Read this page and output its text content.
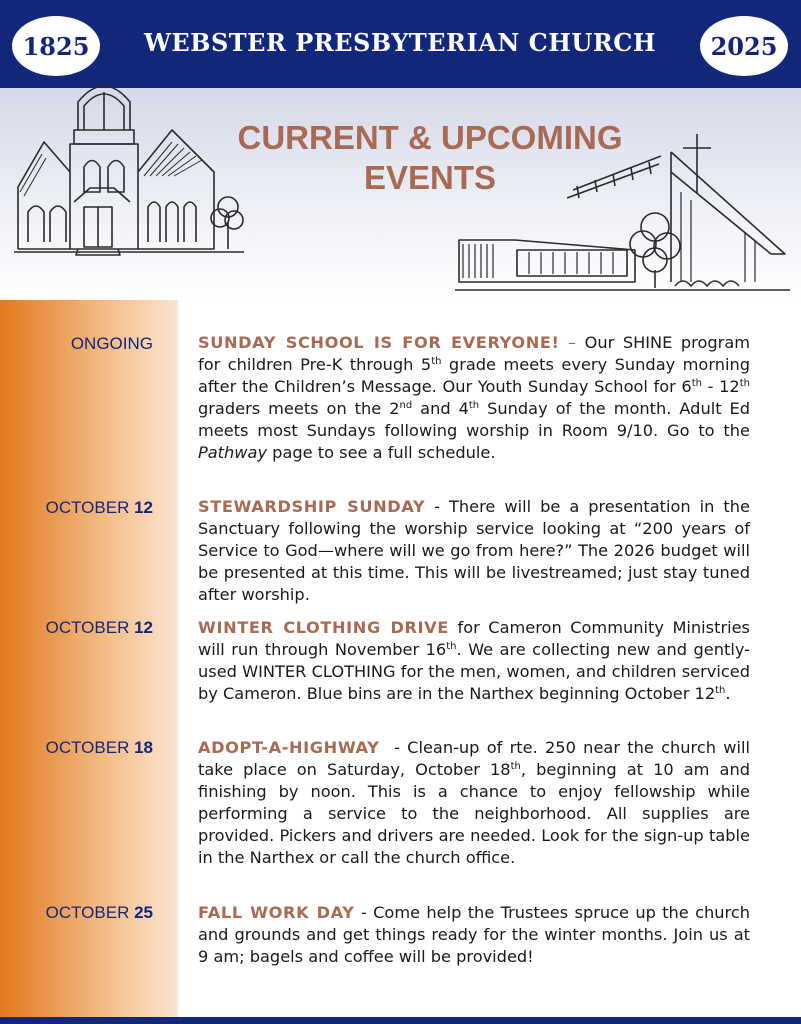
1825	WEBSTER PRESBYTERIAN CHURCH	2025
CURRENT & UPCOMING
EVENTS
ONGOING	SUNDAY SCHOOL IS FOR EVERYONE! – Our SHINE program for children Pre-K through 5th grade meets every Sunday morning after the Children’s Message. Our Youth Sunday School for 6th - 12th graders meets on the 2nd and 4th Sunday of the month. Adult Ed meets most Sundays following worship in Room 9/10. Go to the Pathway page to see a full schedule.
OCTOBER 12	STEWARDSHIP SUNDAY - There will be a presentation in the Sanctuary following the worship service looking at “200 years of Service to God—where will we go from here?” The 2026 budget will be presented at this time. This will be livestreamed; just stay tuned after worship.
OCTOBER 12	WINTER CLOTHING DRIVE for Cameron Community Ministries will run through November 16th. We are collecting new and gently-used WINTER CLOTHING for the men, women, and children serviced by Cameron. Blue bins are in the Narthex beginning October 12th.
OCTOBER 18	ADOPT-A-HIGHWAY  - Clean-up of rte. 250 near the church will take place on Saturday, October 18th, beginning at 10 am and finishing by noon. This is a chance to enjoy fellowship while performing a service to the neighborhood. All supplies are provided. Pickers and drivers are needed. Look for the sign-up table in the Narthex or call the church office.
OCTOBER 25	FALL WORK DAY - Come help the Trustees spruce up the church and grounds and get things ready for the winter months. Join us at 9 am; bagels and coffee will be provided!
